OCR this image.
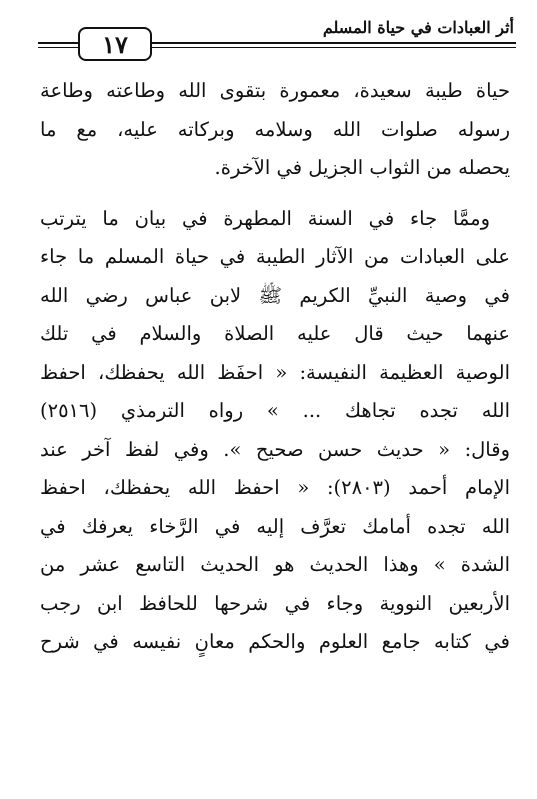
١٧
أثر العبادات في حياة المسلم
حياة طيبة سعيدة، معمورة بتقوى الله وطاعته وطاعة
رسوله صلوات الله وسلامه وبركاته عليه، مع ما
يحصله من الثواب الجزيل في الآخرة.
وممَّا جاء في السنة المطهرة في بيان ما يترتب
على العبادات من الآثار الطيبة في حياة المسلم ما جاء
في وصية النبيِّ الكريم ﷺ لابن عباس رضي الله
عنهما حيث قال عليه الصلاة والسلام في تلك
الوصية العظيمة النفيسة: « احفَظ الله يحفظك، احفظ
الله تجده تجاهك ... » رواه الترمذي (٢٥١٦)
وقال: « حديث حسن صحيح ». وفي لفظ آخر عند
الإمام أحمد (٢٨٠٣): « احفظ الله يحفظك، احفظ
الله تجده أمامك تعرَّف إليه في الرَّخاء يعرفك في
الشدة » وهذا الحديث هو الحديث التاسع عشر من
الأربعين النووية وجاء في شرحها للحافظ ابن رجب
في كتابه جامع العلوم والحكم معانٍ نفيسه في شرح
